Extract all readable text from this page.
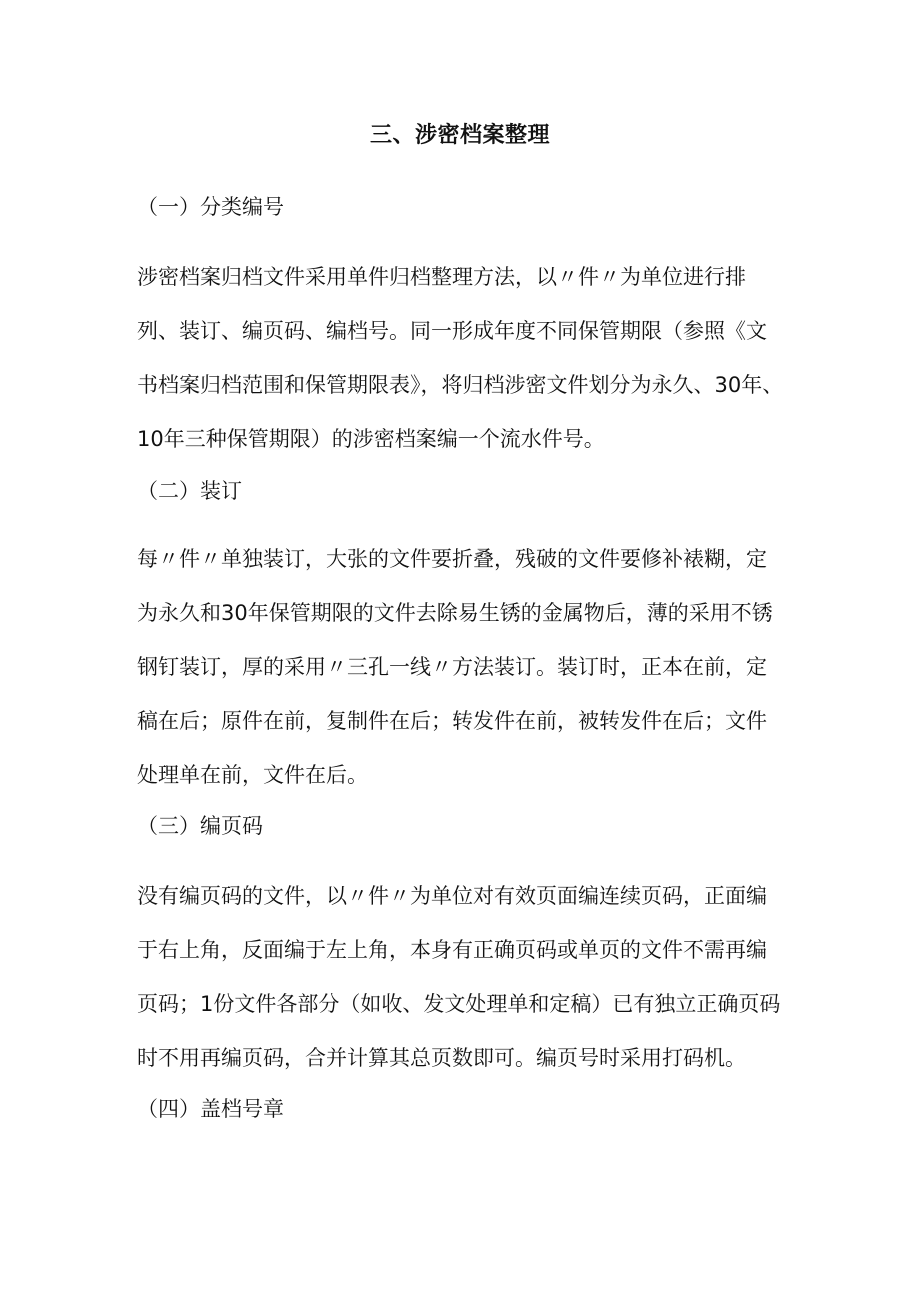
三、涉密档案整理
（一）分类编号

涉密档案归档文件采用单件归档整理方法，以〃件〃为单位进行排列、装订、编页码、编档号。同一形成年度不同保管期限（参照《文书档案归档范围和保管期限表》，将归档涉密文件划分为永久、30年、10年三种保管期限）的涉密档案编一个流水件号。

（二）装订

每〃件〃单独装订，大张的文件要折叠，残破的文件要修补裱糊，定为永久和30年保管期限的文件去除易生锈的金属物后，薄的采用不锈钢钉装订，厚的采用〃三孔一线〃方法装订。装订时，正本在前，定稿在后；原件在前，复制件在后；转发件在前，被转发件在后；文件处理单在前，文件在后。

（三）编页码

没有编页码的文件，以〃件〃为单位对有效页面编连续页码，正面编于右上角，反面编于左上角，本身有正确页码或单页的文件不需再编页码；1份文件各部分（如收、发文处理单和定稿）已有独立正确页码时不用再编页码，合并计算其总页数即可。编页号时采用打码机。

（四）盖档号章
